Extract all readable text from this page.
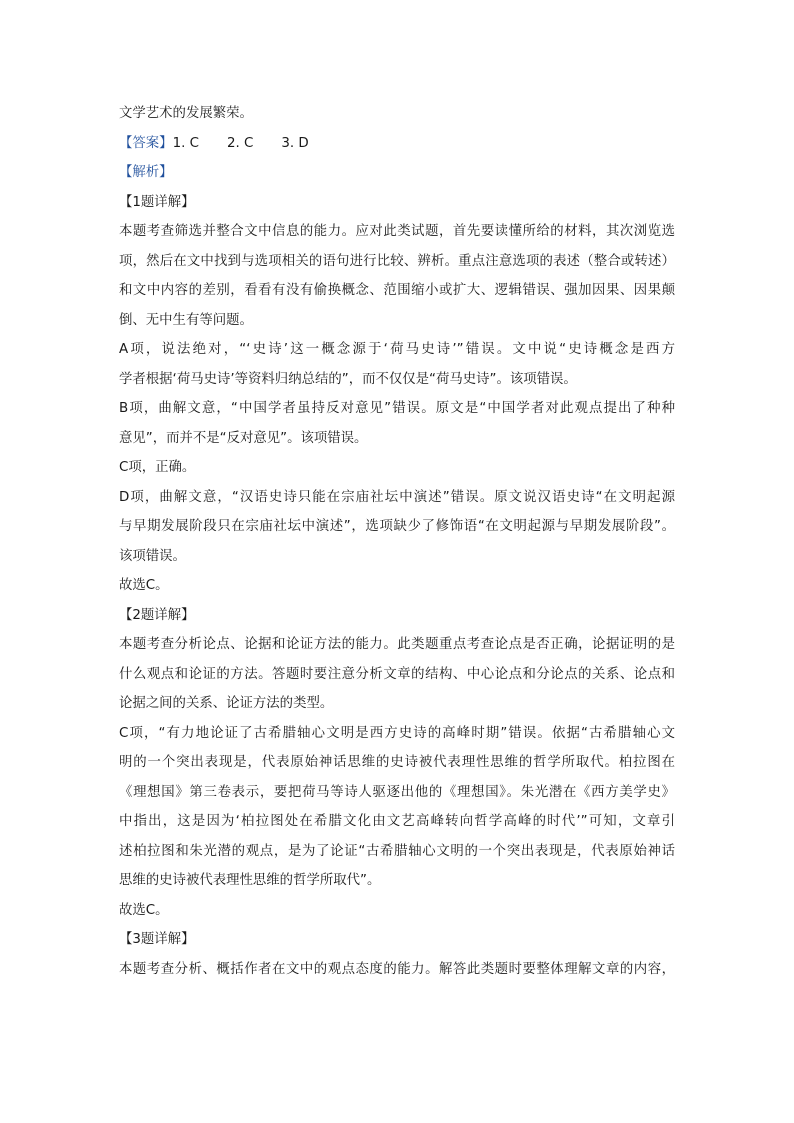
文学艺术的发展繁荣。
【答案】1. C 2. C 3. D
【解析】
【1题详解】
本题考查筛选并整合文中信息的能力。应对此类试题，首先要读懂所给的材料，其次浏览选
项，然后在文中找到与选项相关的语句进行比较、辨析。重点注意选项的表述（整合或转述）
和文中内容的差别，看看有没有偷换概念、范围缩小或扩大、逻辑错误、强加因果、因果颠
倒、无中生有等问题。
A项，说法绝对，“‘史诗’这一概念源于‘荷马史诗’”错误。文中说“史诗概念是西方
学者根据‘荷马史诗’等资料归纳总结的”，而不仅仅是“荷马史诗”。该项错误。
B项，曲解文意，“中国学者虽持反对意见”错误。原文是“中国学者对此观点提出了种种
意见”，而并不是“反对意见”。该项错误。
C项，正确。
D项，曲解文意，“汉语史诗只能在宗庙社坛中演述”错误。原文说汉语史诗“在文明起源
与早期发展阶段只在宗庙社坛中演述”，选项缺少了修饰语“在文明起源与早期发展阶段”。
该项错误。
故选C。
【2题详解】
本题考查分析论点、论据和论证方法的能力。此类题重点考查论点是否正确，论据证明的是
什么观点和论证的方法。答题时要注意分析文章的结构、中心论点和分论点的关系、论点和
论据之间的关系、论证方法的类型。
C项，“有力地论证了古希腊轴心文明是西方史诗的高峰时期”错误。依据“古希腊轴心文
明的一个突出表现是，代表原始神话思维的史诗被代表理性思维的哲学所取代。柏拉图在
《理想国》第三卷表示，要把荷马等诗人驱逐出他的《理想国》。朱光潜在《西方美学史》
中指出，这是因为‘柏拉图处在希腊文化由文艺高峰转向哲学高峰的时代’”可知，文章引
述柏拉图和朱光潜的观点，是为了论证“古希腊轴心文明的一个突出表现是，代表原始神话
思维的史诗被代表理性思维的哲学所取代”。
故选C。
【3题详解】
本题考查分析、概括作者在文中的观点态度的能力。解答此类题时要整体理解文章的内容，
